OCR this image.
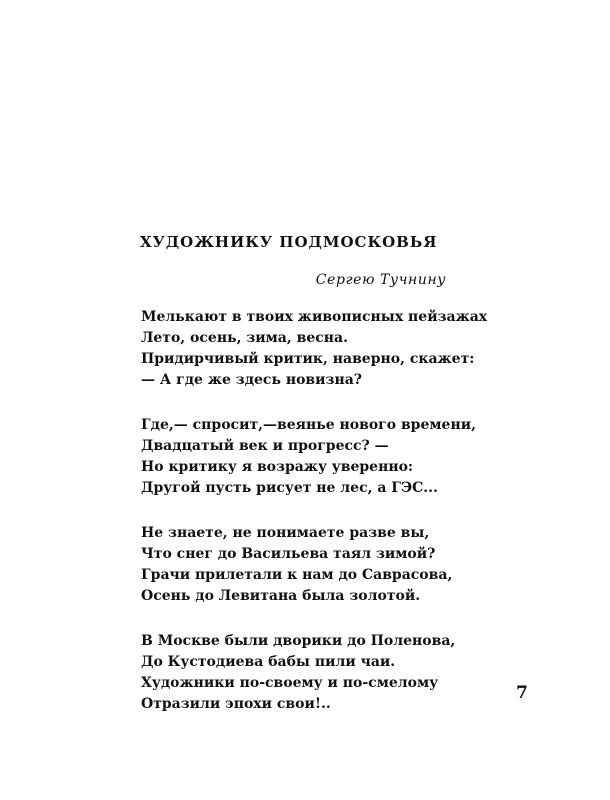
ХУДОЖНИКУ ПОДМОСКОВЬЯ
Сергею Тучнину
Мелькают в твоих живописных пейзажах
Лето, осень, зима, весна.
Придирчивый критик, наверно, скажет:
— А где же здесь новизна?
Где,— спросит,—веянье нового времени,
Двадцатый век и прогресс? —
Но критику я возражу уверенно:
Другой пусть рисует не лес, а ГЭС...
Не знаете, не понимаете разве вы,
Что снег до Васильева таял зимой?
Грачи прилетали к нам до Саврасова,
Осень до Левитана была золотой.
В Москве были дворики до Поленова,
До Кустодиева бабы пили чаи.
Художники по-своему и по-смелому
Отразили эпохи свои!..
7
